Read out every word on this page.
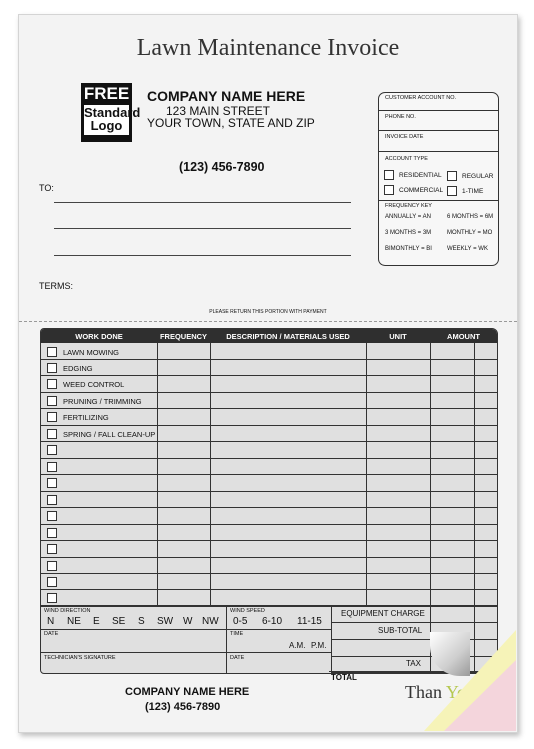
Lawn Maintenance Invoice
FREE
Standard
Logo
COMPANY NAME HERE
123 MAIN STREET
YOUR TOWN, STATE AND ZIP
(123) 456-7890
TO:
TERMS:
CUSTOMER ACCOUNT NO.
PHONE NO.
INVOICE DATE
ACCOUNT TYPE
RESIDENTIAL	REGULAR
COMMERCIAL	1-TIME
FREQUENCY KEY
ANNUALLY = AN	6 MONTHS = 6M
3 MONTHS = 3M	MONTHLY = MO
BIMONTHLY = BI	WEEKLY = WK
PLEASE RETURN THIS PORTION WITH PAYMENT
WORK DONE	FREQUENCY	DESCRIPTION / MATERIALS USED	UNIT	AMOUNT
LAWN MOWING
EDGING
WEED CONTROL
PRUNING / TRIMMING
FERTILIZING
SPRING / FALL CLEAN-UP
WIND DIRECTION
N NE E SE S SW W NW
WIND SPEED
0-5 6-10 11-15
DATE	TIME
A.M. P.M.
TECHNICIAN'S SIGNATURE	DATE
EQUIPMENT CHARGE
SUB-TOTAL
TAX
TOTAL
COMPANY NAME HERE
(123) 456-7890
Than You!
